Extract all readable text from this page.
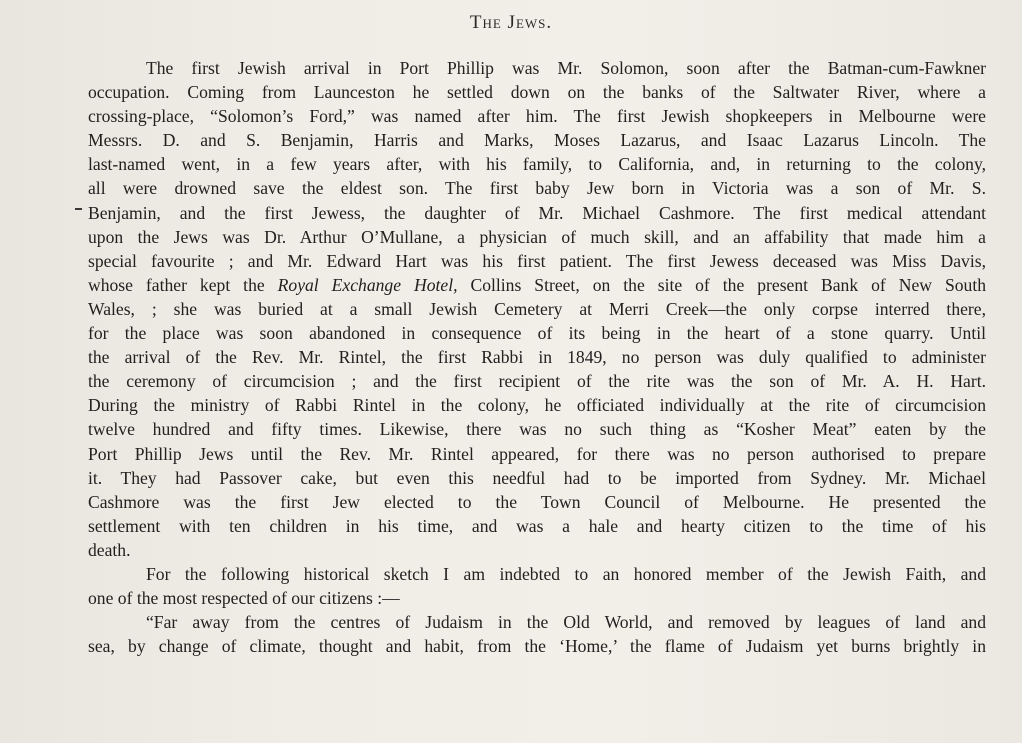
The Jews.
The first Jewish arrival in Port Phillip was Mr. Solomon, soon after the Batman-cum-Fawkner
occupation. Coming from Launceston he settled down on the banks of the Saltwater River, where a
crossing-place, “Solomon’s Ford,” was named after him. The first Jewish shopkeepers in Melbourne were
Messrs. D. and S. Benjamin, Harris and Marks, Moses Lazarus, and Isaac Lazarus Lincoln. The
last-named went, in a few years after, with his family, to California, and, in returning to the colony,
all were drowned save the eldest son. The first baby Jew born in Victoria was a son of Mr. S.
Benjamin, and the first Jewess, the daughter of Mr. Michael Cashmore. The first medical attendant
upon the Jews was Dr. Arthur O’Mullane, a physician of much skill, and an affability that made him a
special favourite ; and Mr. Edward Hart was his first patient. The first Jewess deceased was Miss Davis,
whose father kept the Royal Exchange Hotel, Collins Street, on the site of the present Bank of New South
Wales, ; she was buried at a small Jewish Cemetery at Merri Creek—the only corpse interred there,
for the place was soon abandoned in consequence of its being in the heart of a stone quarry. Until
the arrival of the Rev. Mr. Rintel, the first Rabbi in 1849, no person was duly qualified to administer
the ceremony of circumcision ; and the first recipient of the rite was the son of Mr. A. H. Hart.
During the ministry of Rabbi Rintel in the colony, he officiated individually at the rite of circumcision
twelve hundred and fifty times. Likewise, there was no such thing as “Kosher Meat” eaten by the
Port Phillip Jews until the Rev. Mr. Rintel appeared, for there was no person authorised to prepare
it. They had Passover cake, but even this needful had to be imported from Sydney. Mr. Michael
Cashmore was the first Jew elected to the Town Council of Melbourne. He presented the
settlement with ten children in his time, and was a hale and hearty citizen to the time of his
death.
For the following historical sketch I am indebted to an honored member of the Jewish Faith, and
one of the most respected of our citizens :—
“Far away from the centres of Judaism in the Old World, and removed by leagues of land and
sea, by change of climate, thought and habit, from the ‘Home,’ the flame of Judaism yet burns brightly in
